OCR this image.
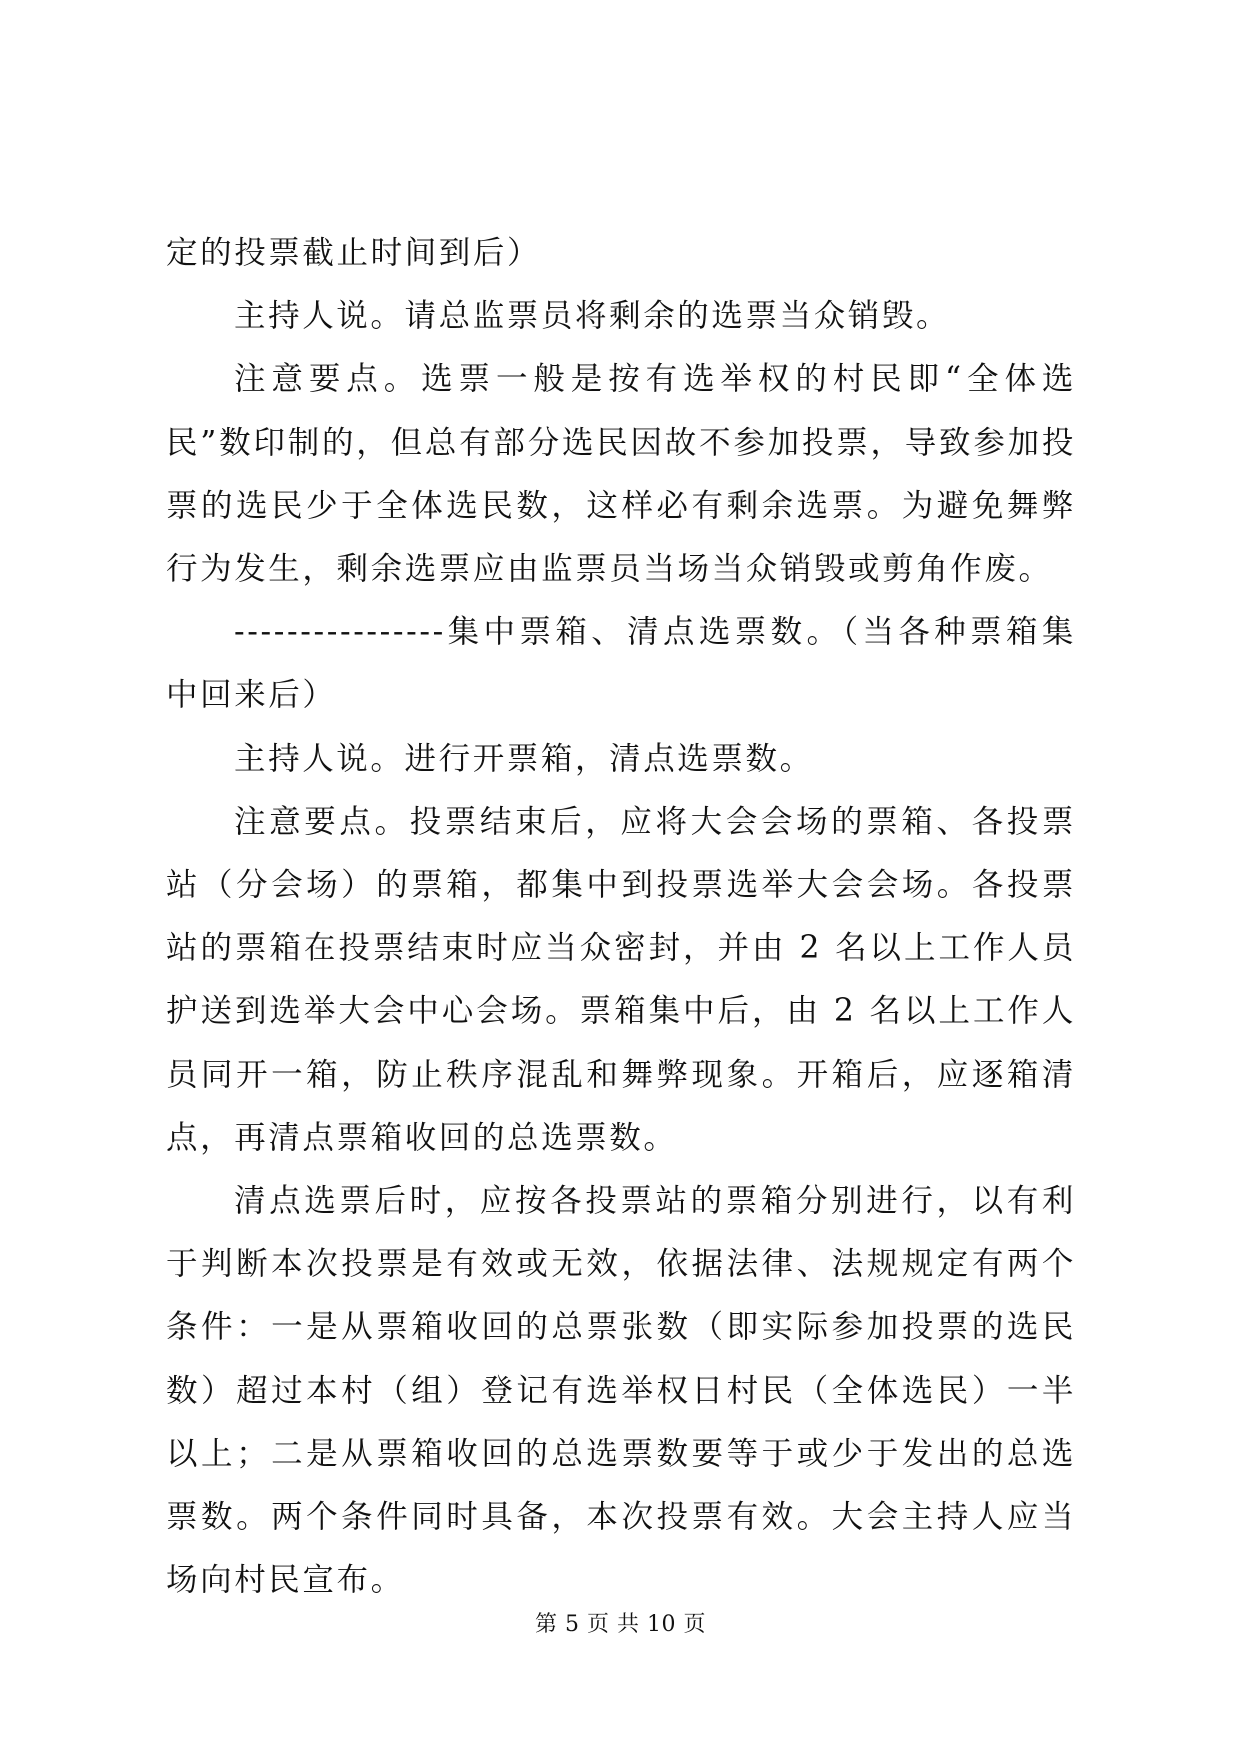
定的投票截止时间到后）

主持人说。请总监票员将剩余的选票当众销毁。

注意要点。选票一般是按有选举权的村民即“全体选民”数印制的，但总有部分选民因故不参加投票，导致参加投票的选民少于全体选民数，这样必有剩余选票。为避免舞弊行为发生，剩余选票应由监票员当场当众销毁或剪角作废。

----------------集中票箱、清点选票数。（当各种票箱集中回来后）

主持人说。进行开票箱，清点选票数。

注意要点。投票结束后，应将大会会场的票箱、各投票站（分会场）的票箱，都集中到投票选举大会会场。各投票站的票箱在投票结束时应当众密封，并由 2 名以上工作人员护送到选举大会中心会场。票箱集中后，由 2 名以上工作人员同开一箱，防止秩序混乱和舞弊现象。开箱后，应逐箱清点，再清点票箱收回的总选票数。

清点选票后时，应按各投票站的票箱分别进行，以有利于判断本次投票是有效或无效，依据法律、法规规定有两个条件：一是从票箱收回的总票张数（即实际参加投票的选民数）超过本村（组）登记有选举权日村民（全体选民）一半以上；二是从票箱收回的总选票数要等于或少于发出的总选票数。两个条件同时具备，本次投票有效。大会主持人应当场向村民宣布。

第 5 页 共 10 页
